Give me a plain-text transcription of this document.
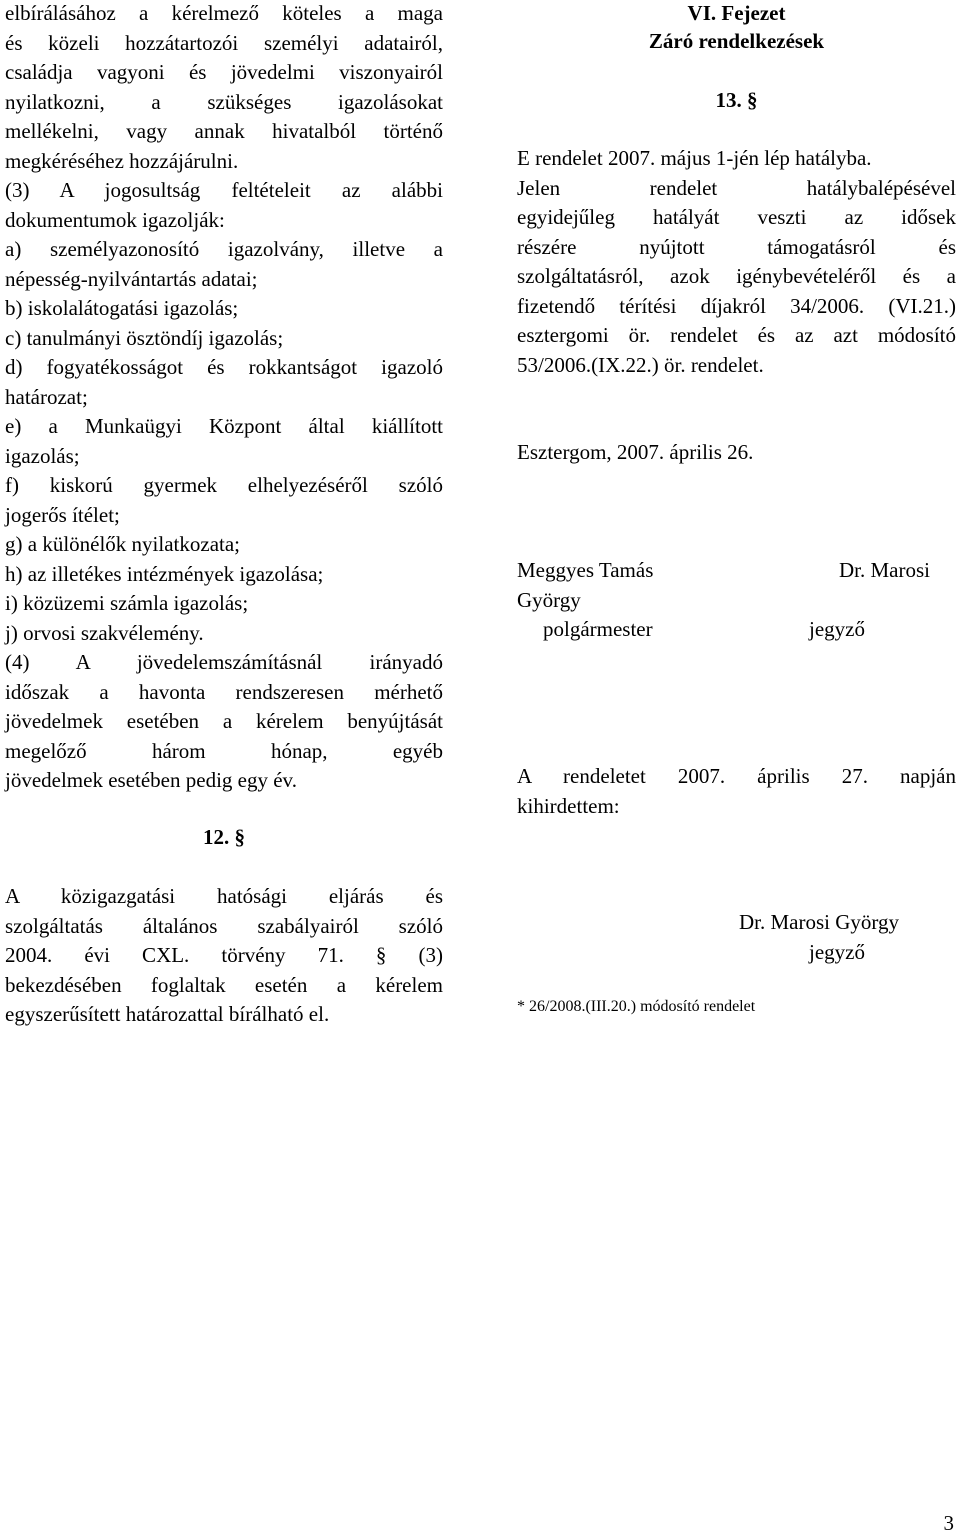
elbírálásához a kérelmező köteles a maga
és közeli hozzátartozói személyi adatairól,
családja vagyoni és jövedelmi viszonyairól
nyilatkozni, a szükséges igazolásokat
mellékelni, vagy annak hivatalból történő
megkéréséhez hozzájárulni.
(3) A jogosultság feltételeit az alábbi
dokumentumok igazolják:
a) személyazonosító igazolvány, illetve a
népesség-nyilvántartás adatai;
b) iskolalátogatási igazolás;
c) tanulmányi ösztöndíj igazolás;
d) fogyatékosságot és rokkantságot igazoló
határozat;
e) a Munkaügyi Központ által kiállított
igazolás;
f) kiskorú gyermek elhelyezéséről szóló
jogerős ítélet;
g) a különélők nyilatkozata;
h) az illetékes intézmények igazolása;
i) közüzemi számla igazolás;
j) orvosi szakvélemény.
(4) A jövedelemszámításnál irányadó
időszak a havonta rendszeresen mérhető
jövedelmek esetében a kérelem benyújtását
megelőző három hónap, egyéb
jövedelmek esetében pedig egy év.
12. §
A közigazgatási hatósági eljárás és
szolgáltatás általános szabályairól szóló
2004. évi CXL. törvény 71. § (3)
bekezdésében foglaltak esetén a kérelem
egyszerűsített határozattal bírálható el.
VI. Fejezet
Záró rendelkezések
13. §
E rendelet 2007. május 1-jén lép hatályba.
Jelen rendelet hatálybalépésével
egyidejűleg hatályát veszti az idősek
részére nyújtott támogatásról és
szolgáltatásról, azok igénybevételéről és a
fizetendő térítési díjakról 34/2006. (VI.21.)
esztergomi ör. rendelet és az azt módosító
53/2006.(IX.22.) ör. rendelet.
Esztergom, 2007. április 26.
Meggyes Tamás	Dr. Marosi
György
polgármester	jegyző
A rendeletet 2007. április 27. napján
kihirdettem:
Dr. Marosi György
jegyző
* 26/2008.(III.20.) módosító rendelet
3
